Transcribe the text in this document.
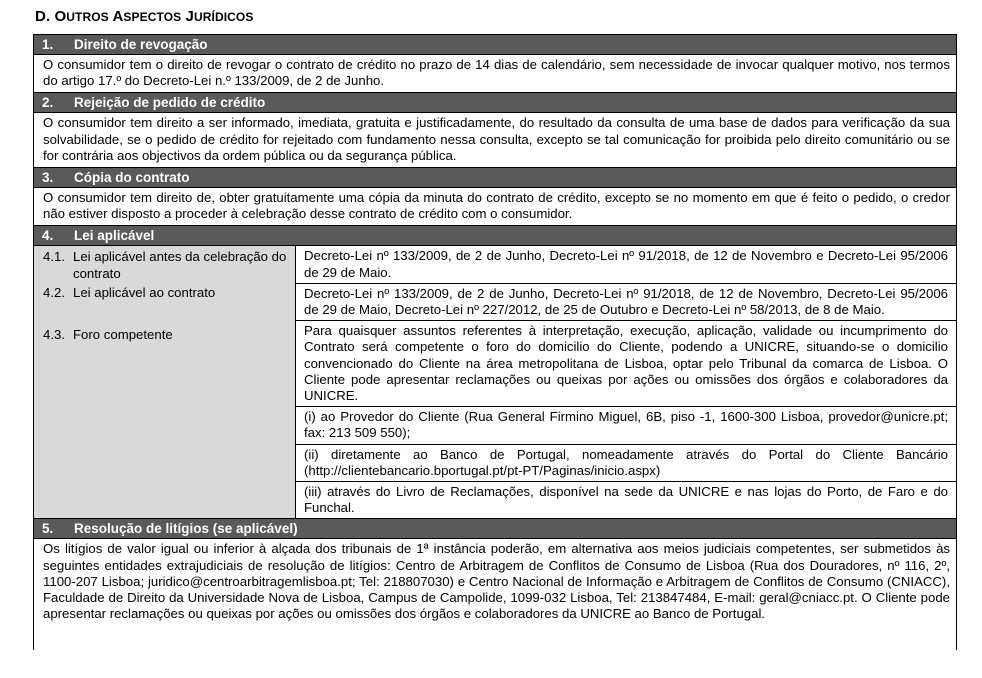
D. OUTROS ASPECTOS JURÍDICOS
1. Direito de revogação
O consumidor tem o direito de revogar o contrato de crédito no prazo de 14 dias de calendário, sem necessidade de invocar qualquer motivo, nos termos do artigo 17.º do Decreto-Lei n.º 133/2009, de 2 de Junho.
2. Rejeição de pedido de crédito
O consumidor tem direito a ser informado, imediata, gratuita e justificadamente, do resultado da consulta de uma base de dados para verificação da sua solvabilidade, se o pedido de crédito for rejeitado com fundamento nessa consulta, excepto se tal comunicação for proibida pelo direito comunitário ou se for contrária aos objectivos da ordem pública ou da segurança pública.
3. Cópia do contrato
O consumidor tem direito de, obter gratuitamente uma cópia da minuta do contrato de crédito, excepto se no momento em que é feito o pedido, o credor não estiver disposto a proceder à celebração desse contrato de crédito com o consumidor.
4. Lei aplicável
4.1. Lei aplicável antes da celebração do contrato
4.2. Lei aplicável ao contrato
4.3. Foro competente
Decreto-Lei nº 133/2009, de 2 de Junho, Decreto-Lei nº 91/2018, de 12 de Novembro e Decreto-Lei 95/2006 de 29 de Maio.
Decreto-Lei nº 133/2009, de 2 de Junho, Decreto-Lei nº 91/2018, de 12 de Novembro, Decreto-Lei 95/2006 de 29 de Maio, Decreto-Lei nº 227/2012, de 25 de Outubro e Decreto-Lei nº 58/2013, de 8 de Maio.
Para quaisquer assuntos referentes à interpretação, execução, aplicação, validade ou incumprimento do Contrato será competente o foro do domicilio do Cliente, podendo a UNICRE, situando-se o domicilio convencionado do Cliente na área metropolitana de Lisboa, optar pelo Tribunal da comarca de Lisboa. O Cliente pode apresentar reclamações ou queixas por ações ou omissões dos órgãos e colaboradores da UNICRE.
(i) ao Provedor do Cliente (Rua General Firmino Miguel, 6B, piso -1, 1600-300 Lisboa, provedor@unicre.pt; fax: 213 509 550);
(ii) diretamente ao Banco de Portugal, nomeadamente através do Portal do Cliente Bancário (http://clientebancario.bportugal.pt/pt-PT/Paginas/inicio.aspx)
(iii) através do Livro de Reclamações, disponível na sede da UNICRE e nas lojas do Porto, de Faro e do Funchal.
5. Resolução de litígios (se aplicável)
Os litígios de valor igual ou inferior à alçada dos tribunais de 1ª instância poderão, em alternativa aos meios judiciais competentes, ser submetidos às seguintes entidades extrajudiciais de resolução de litígios: Centro de Arbitragem de Conflitos de Consumo de Lisboa (Rua dos Douradores, nº 116, 2º, 1100-207 Lisboa; juridico@centroarbitragemlisboa.pt; Tel: 218807030) e Centro Nacional de Informação e Arbitragem de Conflitos de Consumo (CNIACC), Faculdade de Direito da Universidade Nova de Lisboa, Campus de Campolide, 1099-032 Lisboa, Tel: 213847484, E-mail: geral@cniacc.pt. O Cliente pode apresentar reclamações ou queixas por ações ou omissões dos órgãos e colaboradores da UNICRE ao Banco de Portugal.
